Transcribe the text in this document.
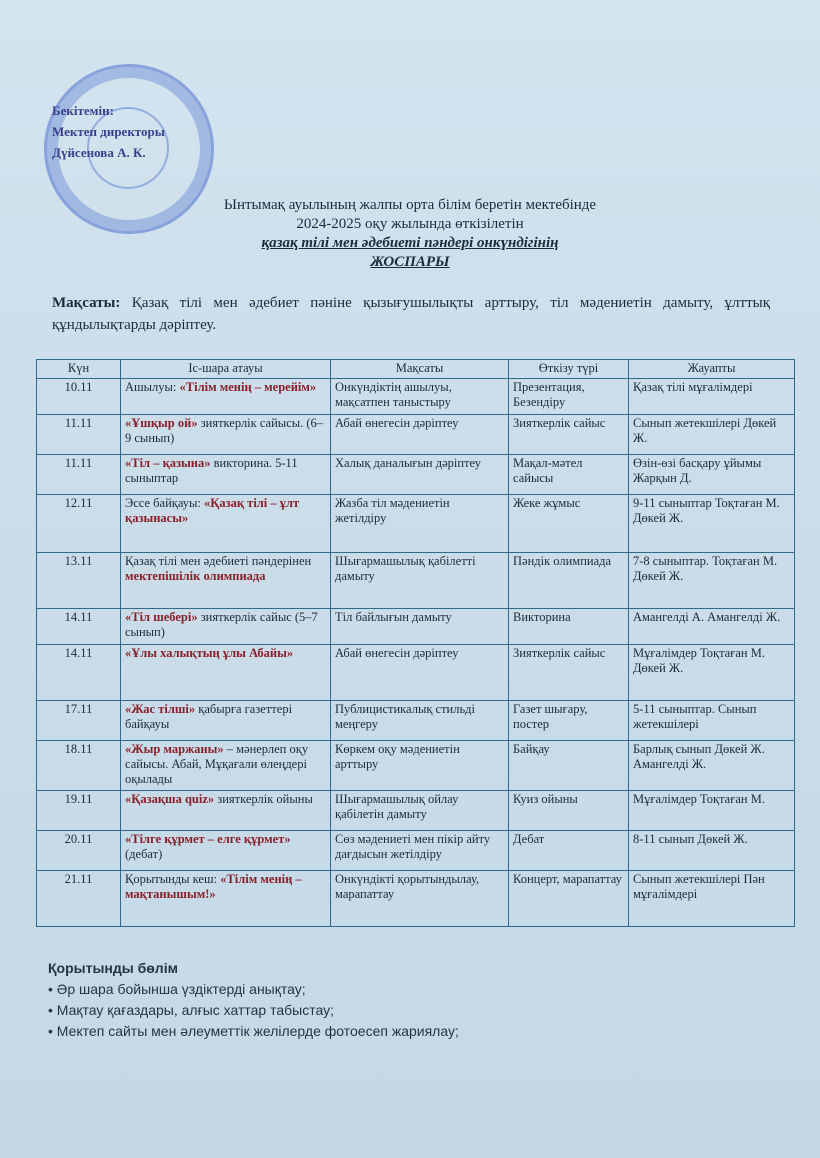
Бекітемін:
Мектеп директоры
Дүйсенова А. К.
Ынтымақ ауылының жалпы орта білім беретін мектебінде
2024-2025 оқу жылында өткізілетін
қазақ тілі мен әдебиеті пәндері онкүндігінің
ЖОСПАРЫ
Мақсаты: Қазақ тілі мен әдебиет пәніне қызығушылықты арттыру, тіл мәдениетін дамыту, ұлттық құндылықтарды дәріптеу.
Күн	Іс-шара атауы	Мақсаты	Өткізу түрі	Жауапты
10.11	Ашылуы: «Тілім менің – мерейім»	Онкүндіктің ашылуы, мақсатпен таныстыру	Презентация, Безендіру	Қазақ тілі мұғалімдері
11.11	«Ұшқыр ой» зияткерлік сайысы. (6–9 сынып)	Абай өнегесін дәріптеу	Зияткерлік сайыс	Сынып жетекшілері Дөкей Ж.
11.11	«Тіл – қазына» викторина. 5-11 сыныптар	Халық даналығын дәріптеу	Мақал-мәтел сайысы	Өзін-өзі басқару ұйымы Жарқын Д.
12.11	Эссе байқауы: «Қазақ тілі – ұлт қазынасы»	Жазба тіл мәдениетін жетілдіру	Жеке жұмыс	9-11 сыныптар Тоқтаған М. Дөкей Ж.
13.11	Қазақ тілі мен әдебиеті пәндерінен мектепішілік олимпиада	Шығармашылық қабілетті дамыту	Пәндік олимпиада	7-8 сыныптар. Тоқтаған М. Дөкей Ж.
14.11	«Тіл шебері» зияткерлік сайыс (5–7 сынып)	Тіл байлығын дамыту	Викторина	Амангелді А. Амангелді Ж.
14.11	«Ұлы халықтың ұлы Абайы»	Абай өнегесін дәріптеу	Зияткерлік сайыс	Мұғалімдер Тоқтаған М. Дөкей Ж.
17.11	«Жас тілші» қабырға газеттері байқауы	Публицистикалық стильді меңгеру	Газет шығару, постер	5-11 сыныптар. Сынып жетекшілері
18.11	«Жыр маржаны» – мәнерлеп оқу сайысы. Абай, Мұқағали өлеңдері оқылады	Көркем оқу мәдениетін арттыру	Байқау	Барлық сынып Дөкей Ж. Амангелді Ж.
19.11	«Қазақша quiz» зияткерлік ойыны	Шығармашылық ойлау қабілетін дамыту	Куиз ойыны	Мұғалімдер Тоқтаған М.
20.11	«Тілге құрмет – елге құрмет» (дебат)	Сөз мәдениеті мен пікір айту дағдысын жетілдіру	Дебат	8-11 сынып Дөкей Ж.
21.11	Қорытынды кеш: «Тілім менің – мақтанышым!»	Онкүндікті қорытындылау, марапаттау	Концерт, марапаттау	Сынып жетекшілері Пән мұғалімдері
Қорытынды бөлім
• Әр шара бойынша үздіктерді анықтау;
• Мақтау қағаздары, алғыс хаттар табыстау;
• Мектеп сайты мен әлеуметтік желілерде фотоесеп жариялау;
